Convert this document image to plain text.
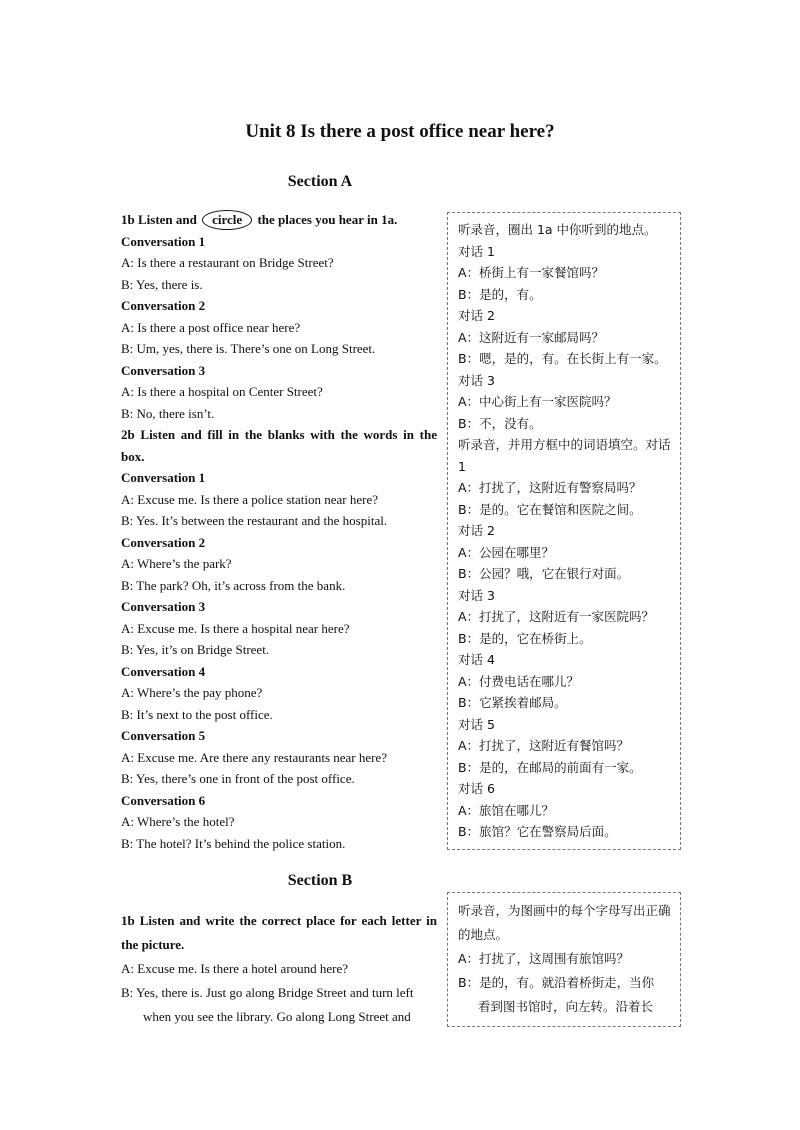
Unit 8 Is there a post office near here?
Section A
1b Listen and circle the places you hear in 1a.
Conversation 1
A: Is there a restaurant on Bridge Street?
B: Yes, there is.
Conversation 2
A: Is there a post office near here?
B: Um, yes, there is. There’s one on Long Street.
Conversation 3
A: Is there a hospital on Center Street?
B: No, there isn’t.
2b Listen and fill in the blanks with the words in the box.
Conversation 1
A: Excuse me. Is there a police station near here?
B: Yes. It’s between the restaurant and the hospital.
Conversation 2
A: Where’s the park?
B: The park? Oh, it’s across from the bank.
Conversation 3
A: Excuse me. Is there a hospital near here?
B: Yes, it’s on Bridge Street.
Conversation 4
A: Where’s the pay phone?
B: It’s next to the post office.
Conversation 5
A: Excuse me. Are there any restaurants near here?
B: Yes, there’s one in front of the post office.
Conversation 6
A: Where’s the hotel?
B: The hotel? It’s behind the police station.
听录音，圈出 1a 中你听到的地点。
对话 1
A：桥街上有一家餐馆吗？
B：是的，有。
对话 2
A：这附近有一家邮局吗？
B：嗯，是的，有。在长街上有一家。
对话 3
A：中心街上有一家医院吗？
B：不，没有。
听录音，并用方框中的词语填空。对话 1
A：打扰了，这附近有警察局吗？
B：是的。它在餐馆和医院之间。
对话 2
A：公园在哪里？
B：公园？哦，它在银行对面。
对话 3
A：打扰了，这附近有一家医院吗？
B：是的，它在桥街上。
对话 4
A：付费电话在哪儿？
B：它紧挨着邮局。
对话 5
A：打扰了，这附近有餐馆吗？
B：是的，在邮局的前面有一家。
对话 6
A：旅馆在哪儿？
B：旅馆？它在警察局后面。
Section B
1b Listen and write the correct place for each letter in the picture.
A: Excuse me. Is there a hotel around here?
B: Yes, there is. Just go along Bridge Street and turn left
when you see the library. Go along Long Street and
听录音，为图画中的每个字母写出正确的地点。
A：打扰了，这周围有旅馆吗？
B：是的，有。就沿着桥街走，当你
看到图书馆时，向左转。沿着长
